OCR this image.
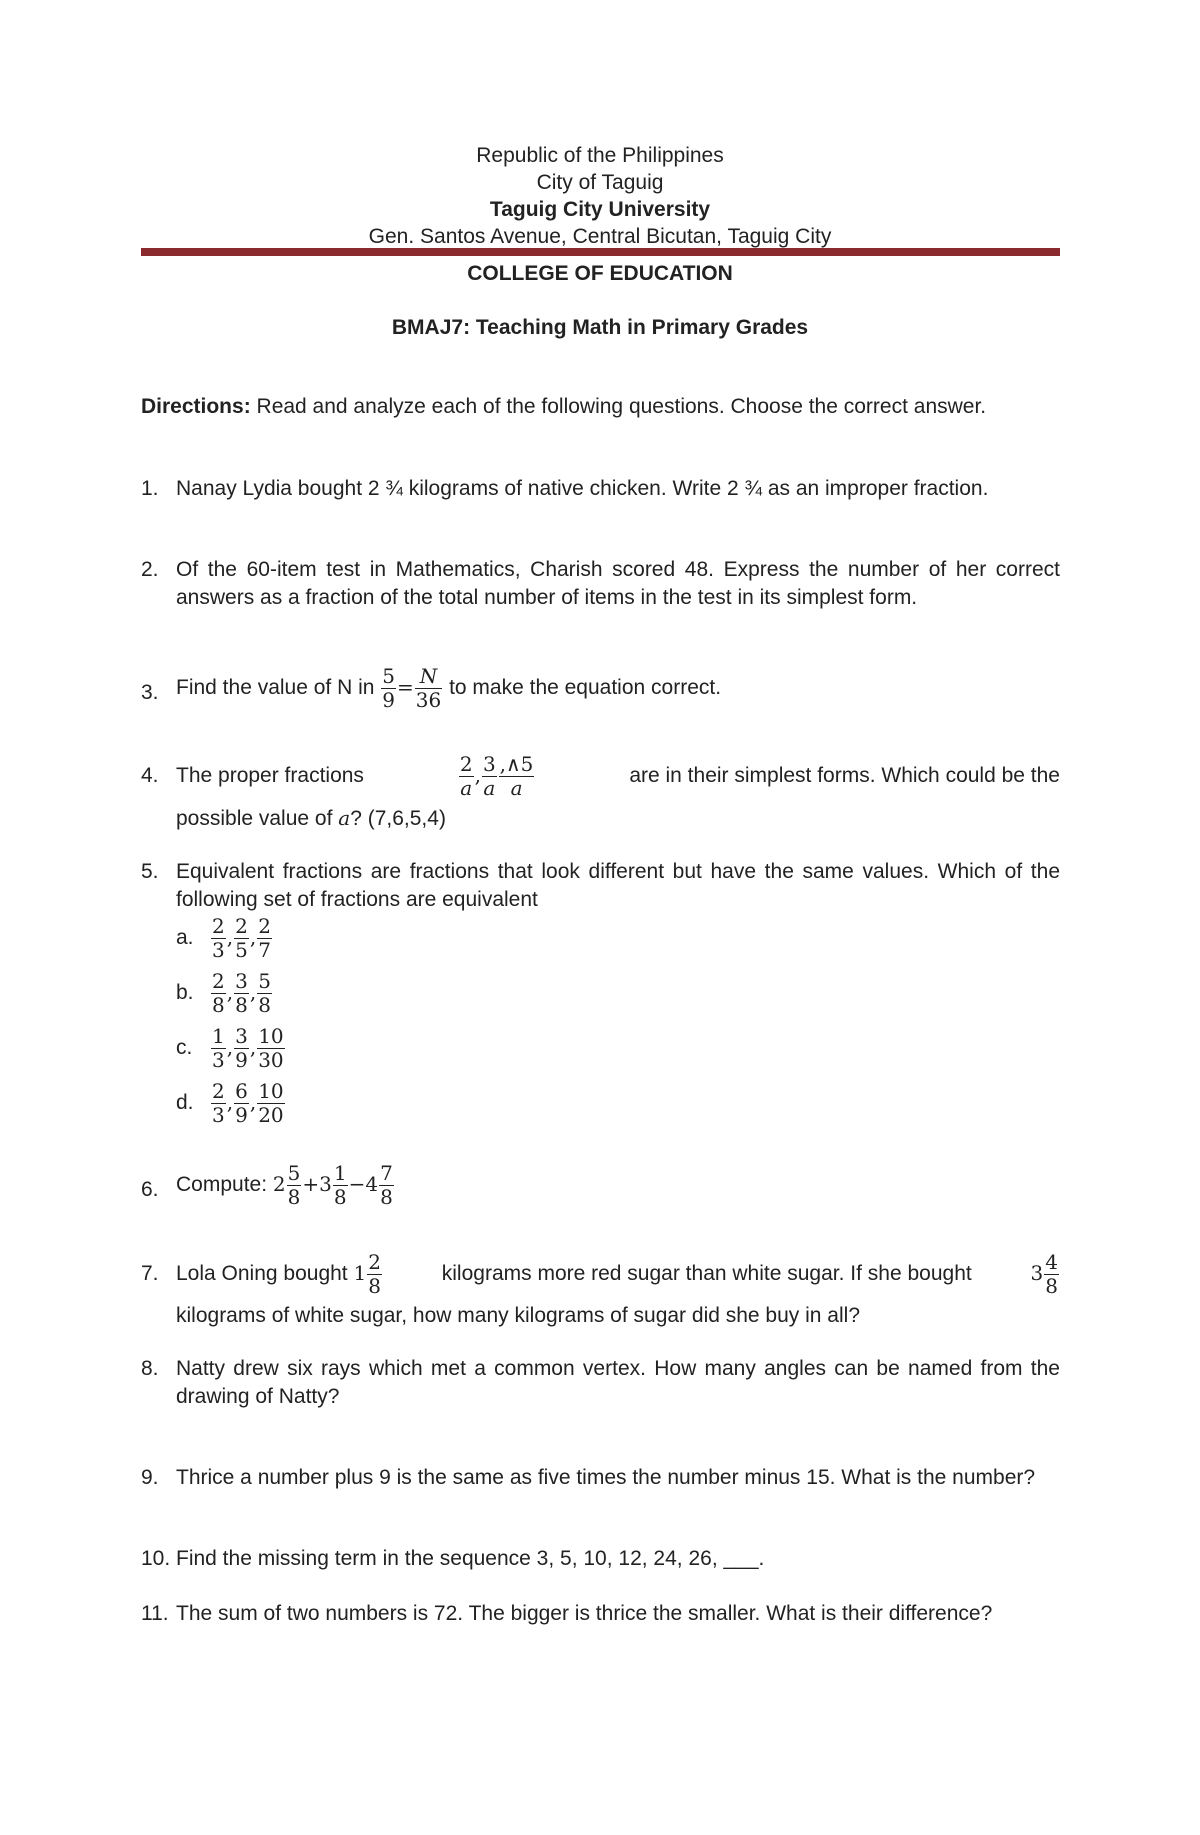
Republic of the Philippines
City of Taguig
Taguig City University
Gen. Santos Avenue, Central Bicutan, Taguig City
COLLEGE OF EDUCATION
BMAJ7: Teaching Math in Primary Grades
Directions: Read and analyze each of the following questions. Choose the correct answer.
1. Nanay Lydia bought 2 ¾ kilograms of native chicken. Write 2 ¾ as an improper fraction.
2. Of the 60-item test in Mathematics, Charish scored 48. Express the number of her correct answers as a fraction of the total number of items in the test in its simplest form.
3. Find the value of N in $\frac{5}{9} = \frac{N}{36}$ to make the equation correct.
4. The proper fractions	$\frac{2}{a}$ , $\frac{3}{a} \frac{,\wedge 5}{a}$	are in their simplest forms. Which could be the
possible value of a? (7,6,5,4)
5. Equivalent fractions are fractions that look different but have the same values. Which of the following set of fractions are equivalent
a. $\frac{2}{3}$ , $\frac{2}{5}$ , $\frac{2}{7}$
b. $\frac{2}{8}$ , $\frac{3}{8}$ , $\frac{5}{8}$
c. $\frac{1}{3}$ , $\frac{3}{9}$ , $\frac{10}{30}$
d. $\frac{2}{3}$ , $\frac{6}{9}$ , $\frac{10}{20}$
6. Compute: $2 \frac{5}{8} +3 \frac{1}{8} -4 \frac{7}{8}$
7. Lola Oning bought $1 \frac{2}{8}$	kilograms more red sugar than white sugar. If she bought	$3 \frac{4}{8}$
kilograms of white sugar, how many kilograms of sugar did she buy in all?
8. Natty drew six rays which met a common vertex. How many angles can be named from the drawing of Natty?
9. Thrice a number plus 9 is the same as five times the number minus 15. What is the number?
10. Find the missing term in the sequence 3, 5, 10, 12, 24, 26, ___.
11. The sum of two numbers is 72. The bigger is thrice the smaller. What is their difference?
